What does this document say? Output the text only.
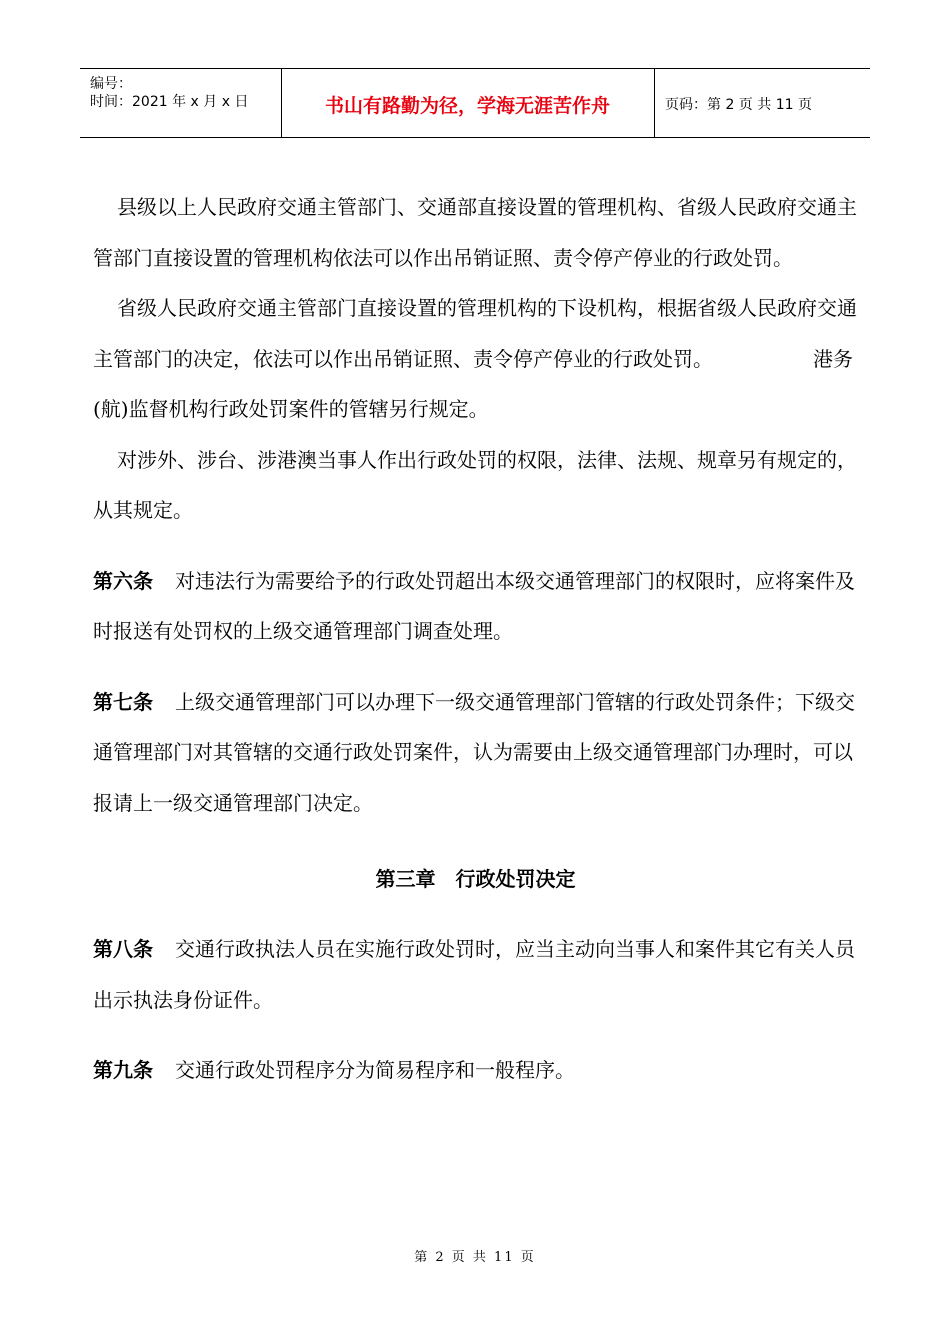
编号：
时间：2021 年 x 月 x 日	书山有路勤为径，学海无涯苦作舟	页码：第 2 页 共 11 页

县级以上人民政府交通主管部门、交通部直接设置的管理机构、省级人民政府交通主管部门直接设置的管理机构依法可以作出吊销证照、责令停产停业的行政处罚。

省级人民政府交通主管部门直接设置的管理机构的下设机构，根据省级人民政府交通主管部门的决定，依法可以作出吊销证照、责令停产停业的行政处罚。	港务(航)监督机构行政处罚案件的管辖另行规定。

对涉外、涉台、涉港澳当事人作出行政处罚的权限，法律、法规、规章另有规定的，从其规定。

第六条 对违法行为需要给予的行政处罚超出本级交通管理部门的权限时，应将案件及时报送有处罚权的上级交通管理部门调查处理。

第七条 上级交通管理部门可以办理下一级交通管理部门管辖的行政处罚条件；下级交通管理部门对其管辖的交通行政处罚案件，认为需要由上级交通管理部门办理时，可以报请上一级交通管理部门决定。

第三章　行政处罚决定

第八条 交通行政执法人员在实施行政处罚时，应当主动向当事人和案件其它有关人员出示执法身份证件。

第九条 交通行政处罚程序分为简易程序和一般程序。

第 2 页 共 11 页
